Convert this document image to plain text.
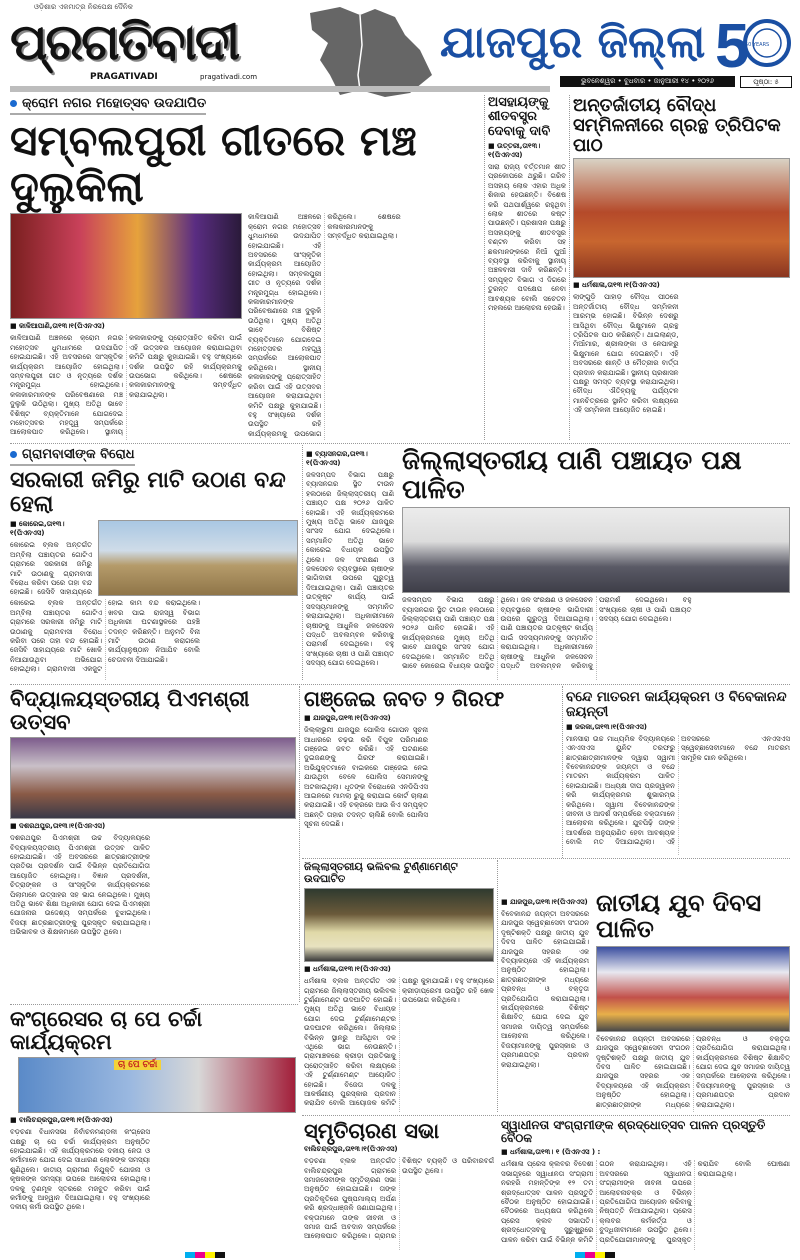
ଓଡ଼ିଶାର ଏକମାତ୍ର ନିରପେକ୍ଷ ଦୈନିକ
ପ୍ରଗତିବାଦୀ
PRAGATIVADI	pragativadi.com
ଯାଜପୁର ଜିଲ୍ଲା 5
50 YEARS
ଭୁବନେଶ୍ୱର • ବୁଧବାର • ଜାନୁଆରୀ ୧୪ • ୨୦୨୬	ପୃଷ୍ଠା: ୫
କ୍ରୋମ ନଗର ମହୋତ୍ସବ ଉଦଯାପିତ
ସମ୍ବଲପୁରୀ ଗୀତରେ ମଞ୍ଚ ଦୁଲୁକିଲା
■ କାଳିଆପାଣି,ତା୧୩।୧(ପିଏନଏସ)
କାଳିଆପାଣି ଅଞ୍ଚଳରେ କ୍ରୋମ ନଗର ମହୋତ୍ସବ ଧୁମଧାମରେ ଉଦଯାପିତ ହୋଇଯାଇଛି। ଏହି ଅବସରରେ ସାଂସ୍କୃତିକ କାର୍ଯ୍ୟକ୍ରମ ଆୟୋଜିତ ହୋଇଥିଲା। ସମ୍ବଲପୁରୀ ଗୀତ ଓ ନୃତ୍ୟରେ ଦର୍ଶକ ମନ୍ତ୍ରମୁଗ୍ଧ ହୋଇଥିଲେ। କଳାକାରମାନଙ୍କ ପରିବେଷଣାରେ ମଞ୍ଚ ଦୁଲୁକି ଉଠିଥିଲା। ମୁଖ୍ୟ ଅତିଥି ଭାବେ ବିଶିଷ୍ଟ ବ୍ୟକ୍ତିମାନେ ଯୋଗଦେଇ ମହୋତ୍ସବର ମହତ୍ତ୍ୱ ସମ୍ପର୍କରେ ଆଲୋକପାତ କରିଥିଲେ। ସ୍ଥାନୀୟ କଳାକାରଙ୍କୁ ପ୍ରୋତ୍ସାହିତ କରିବା ପାଇଁ ଏହି ଉତ୍ସବର ଆୟୋଜନ କରାଯାଇଥିବା କମିଟି ପକ୍ଷରୁ କୁହାଯାଇଛି। ବହୁ ସଂଖ୍ୟାରେ ଦର୍ଶକ ଉପସ୍ଥିତ ରହି କାର୍ଯ୍ୟକ୍ରମକୁ ଉପଭୋଗ କରିଥିଲେ। ଶେଷରେ କଳାକାରମାନଙ୍କୁ ସମ୍ବର୍ଦ୍ଧିତ କରାଯାଇଥିଲା।
କାଳିଆପାଣି ଅଞ୍ଚଳରେ କ୍ରୋମ ନଗର ମହୋତ୍ସବ ଧୁମଧାମରେ ଉଦଯାପିତ ହୋଇଯାଇଛି। ଏହି ଅବସରରେ ସାଂସ୍କୃତିକ କାର୍ଯ୍ୟକ୍ରମ ଆୟୋଜିତ ହୋଇଥିଲା। ସମ୍ବଲପୁରୀ ଗୀତ ଓ ନୃତ୍ୟରେ ଦର୍ଶକ ମନ୍ତ୍ରମୁଗ୍ଧ ହୋଇଥିଲେ। କଳାକାରମାନଙ୍କ ପରିବେଷଣାରେ ମଞ୍ଚ ଦୁଲୁକି ଉଠିଥିଲା। ମୁଖ୍ୟ ଅତିଥି ଭାବେ ବିଶିଷ୍ଟ ବ୍ୟକ୍ତିମାନେ ଯୋଗଦେଇ ମହୋତ୍ସବର ମହତ୍ତ୍ୱ ସମ୍ପର୍କରେ ଆଲୋକପାତ କରିଥିଲେ। ସ୍ଥାନୀୟ କଳାକାରଙ୍କୁ ପ୍ରୋତ୍ସାହିତ କରିବା ପାଇଁ ଏହି ଉତ୍ସବର ଆୟୋଜନ କରାଯାଇଥିବା କମିଟି ପକ୍ଷରୁ କୁହାଯାଇଛି। ବହୁ ସଂଖ୍ୟାରେ ଦର୍ଶକ ଉପସ୍ଥିତ ରହି କାର୍ଯ୍ୟକ୍ରମକୁ ଉପଭୋଗ କରିଥିଲେ। ଶେଷରେ କଳାକାରମାନଙ୍କୁ ସମ୍ବର୍ଦ୍ଧିତ କରାଯାଇଥିଲା।
ଅସହାୟଙ୍କୁ ଶୀତବସ୍ତ୍ର ଦେବାକୁ ଦାବି
■ ଉତ୍ତରୀ,ତା୧୩।୧(ପିଏନଏସ)
ସାରା ରାଜ୍ୟ ବର୍ତ୍ତମାନ ଶୀତ ପ୍ରକୋପରେ ଥରୁଛି। ଗରିବ ଅସହାୟ ଲୋକ ଏହାର ଅଧିକ ଶିକାର ହେଉଛନ୍ତି। ବିଶେଷ କରି ପଥପାର୍ଶ୍ୱରେ ରହୁଥିବା ଲୋକ ଶୀତରେ କଷ୍ଟ ପାଉଛନ୍ତି। ପ୍ରଶାସନ ପକ୍ଷରୁ ଅସହାୟଙ୍କୁ ଶୀତବସ୍ତ୍ର ବଣ୍ଟନ କରିବା ସହ ଛକମାନଙ୍କରେ ନିଆଁ ପୁଆଁ ବ୍ୟବସ୍ଥା କରିବାକୁ ସ୍ଥାନୀୟ ଅଞ୍ଚଳବାସୀ ଦାବି କରିଛନ୍ତି। ସମ୍ପୃକ୍ତ ବିଭାଗ ଏ ଦିଗରେ ତୁରନ୍ତ ପଦକ୍ଷେପ ନେବା ଆବଶ୍ୟକ ବୋଲି ସଚେତନ ମହଲରେ ଆଲୋଚନା ହେଉଛି।
ଅନ୍ତର୍ଜାତୀୟ ବୌଦ୍ଧ ସମ୍ମିଳନୀରେ ଗ୍ରନ୍ଥ ତ୍ରିପିଟକ ପାଠ
■ ଧର୍ମଶାଳା,ତା୧୩।୧(ପିଏନଏସ)
ଲାଙ୍ଗୁଡ଼ି ପାହାଡ଼ ବୌଦ୍ଧ ପୀଠରେ ଅନ୍ତର୍ଜାତୀୟ ବୌଦ୍ଧ ସମ୍ମିଳନୀ ଆରମ୍ଭ ହୋଇଛି। ବିଭିନ୍ନ ଦେଶରୁ ଆସିଥିବା ବୌଦ୍ଧ ଭିକ୍ଷୁମାନେ ଗ୍ରନ୍ଥ ତ୍ରିପିଟକ ପାଠ କରିଛନ୍ତି। ଥାଇଲାଣ୍ଡ, ମିଆଁମାର, ଶ୍ରୀଲଙ୍କା ଓ ନେପାଳରୁ ଭିକ୍ଷୁମାନେ ଯୋଗ ଦେଇଛନ୍ତି। ଏହି ଅବସରରେ ଶାନ୍ତି ଓ ମୈତ୍ରୀର ବାର୍ତ୍ତା ପ୍ରଦାନ କରାଯାଇଛି। ସ୍ଥାନୀୟ ପ୍ରଶାସନ ପକ୍ଷରୁ ସମସ୍ତ ବ୍ୟବସ୍ଥା କରାଯାଇଥିଲା। ବୌଦ୍ଧ ଐତିହ୍ୟକୁ ପର୍ଯ୍ୟଟନ ମାନଚିତ୍ରରେ ସ୍ଥାନିତ କରିବା ଲକ୍ଷ୍ୟରେ ଏହି ସମ୍ମିଳନୀ ଆୟୋଜିତ ହୋଇଛି।
ଗ୍ରାମବାସୀଙ୍କ ବିରୋଧ
ସରକାରୀ ଜମିରୁ ମାଟି ଉଠାଣ ବନ୍ଦ ହେଲା
■ କୋରେଇ,ତା୧୩।୧(ପିଏନଏସ)
କୋରେଇ ବ୍ଲକ ଅନ୍ତର୍ଗତ ଅମ୍ବିଲା ପଞ୍ଚାୟତର ଗୋଟିଏ ଗ୍ରାମରେ ସରକାରୀ ଜମିରୁ ମାଟି ଉଠାଣକୁ ଗ୍ରାମବାସୀ ବିରୋଧ କରିବା ପରେ ତାହା ବନ୍ଦ ହୋଇଛି। ଜେସିବି ସାହାଯ୍ୟରେ
କୋରେଇ ବ୍ଲକ ଅନ୍ତର୍ଗତ ଅମ୍ବିଲା ପଞ୍ଚାୟତର ଗୋଟିଏ ଗ୍ରାମରେ ସରକାରୀ ଜମିରୁ ମାଟି ଉଠାଣକୁ ଗ୍ରାମବାସୀ ବିରୋଧ କରିବା ପରେ ତାହା ବନ୍ଦ ହୋଇଛି। ଜେସିବି ସାହାଯ୍ୟରେ ମାଟି ଖୋଳି ନିଆଯାଉଥିବା ଅଭିଯୋଗ ହୋଇଥିଲା। ଗ୍ରାମବାସୀ ଏକଜୁଟ ହୋଇ କାମ ବନ୍ଦ କରାଇଥିଲେ। ଖବର ପାଇ ରାଜସ୍ୱ ବିଭାଗ ଅଧିକାରୀ ଘଟଣାସ୍ଥଳରେ ପହଞ୍ଚି ତଦନ୍ତ କରିଛନ୍ତି। ଅନୁମତି ବିନା ମାଟି ଉଠାଣ କରାଗଲେ କାର୍ଯ୍ୟାନୁଷ୍ଠାନ ନିଆଯିବ ବୋଲି ଚେତାବନୀ ଦିଆଯାଇଛି।
■ ବ୍ୟାସନଗର,ତା୧୩।୧(ପିଏନଏସ)
ଜଳସମ୍ପଦ ବିଭାଗ ପକ୍ଷରୁ ବ୍ୟାସନଗର ସ୍ଥିତ ଟାଉନ ହଲଠାରେ ଜିଲ୍ଲାସ୍ତରୀୟ ପାଣି ପଞ୍ଚାୟତ ପକ୍ଷ ୨୦୨୬ ପାଳିତ ହୋଇଛି। ଏହି କାର୍ଯ୍ୟକ୍ରମରେ ମୁଖ୍ୟ ଅତିଥି ଭାବେ ଯାଜପୁର ସାଂସଦ ଯୋଗ ଦେଇଥିଲେ। ସମ୍ମାନିତ ଅତିଥି ଭାବେ କୋରେଇ ବିଧାୟକ ଉପସ୍ଥିତ ଥିଲେ। ଜଳ ସଂରକ୍ଷଣ ଓ ଜଳସେଚନ ବ୍ୟବସ୍ଥାରେ ଚାଷୀଙ୍କ ଭାଗିଦାରୀ ଉପରେ ଗୁରୁତ୍ୱ ଦିଆଯାଇଥିଲା। ପାଣି ପଞ୍ଚାୟତର ଉତ୍କୃଷ୍ଟ କାର୍ଯ୍ୟ ପାଇଁ ସଦସ୍ୟମାନଙ୍କୁ ସମ୍ମାନିତ କରାଯାଇଥିଲା। ଅଧିକାରୀମାନେ ଚାଷୀଙ୍କୁ ଆଧୁନିକ ଜଳସେଚନ ପଦ୍ଧତି ଅବଲମ୍ବନ କରିବାକୁ ପରାମର୍ଶ ଦେଇଥିଲେ। ବହୁ ସଂଖ୍ୟାରେ ଚାଷୀ ଓ ପାଣି ପଞ୍ଚାୟତ ସଦସ୍ୟ ଯୋଗ ଦେଇଥିଲେ।
ଜିଲ୍ଲାସ୍ତରୀୟ ପାଣି ପଞ୍ଚାୟତ ପକ୍ଷ ପାଳିତ
ଜଳସମ୍ପଦ ବିଭାଗ ପକ୍ଷରୁ ବ୍ୟାସନଗର ସ୍ଥିତ ଟାଉନ ହଲଠାରେ ଜିଲ୍ଲାସ୍ତରୀୟ ପାଣି ପଞ୍ଚାୟତ ପକ୍ଷ ୨୦୨୬ ପାଳିତ ହୋଇଛି। ଏହି କାର୍ଯ୍ୟକ୍ରମରେ ମୁଖ୍ୟ ଅତିଥି ଭାବେ ଯାଜପୁର ସାଂସଦ ଯୋଗ ଦେଇଥିଲେ। ସମ୍ମାନିତ ଅତିଥି ଭାବେ କୋରେଇ ବିଧାୟକ ଉପସ୍ଥିତ ଥିଲେ। ଜଳ ସଂରକ୍ଷଣ ଓ ଜଳସେଚନ ବ୍ୟବସ୍ଥାରେ ଚାଷୀଙ୍କ ଭାଗିଦାରୀ ଉପରେ ଗୁରୁତ୍ୱ ଦିଆଯାଇଥିଲା। ପାଣି ପଞ୍ଚାୟତର ଉତ୍କୃଷ୍ଟ କାର୍ଯ୍ୟ ପାଇଁ ସଦସ୍ୟମାନଙ୍କୁ ସମ୍ମାନିତ କରାଯାଇଥିଲା। ଅଧିକାରୀମାନେ ଚାଷୀଙ୍କୁ ଆଧୁନିକ ଜଳସେଚନ ପଦ୍ଧତି ଅବଲମ୍ବନ କରିବାକୁ ପରାମର୍ଶ ଦେଇଥିଲେ। ବହୁ ସଂଖ୍ୟାରେ ଚାଷୀ ଓ ପାଣି ପଞ୍ଚାୟତ ସଦସ୍ୟ ଯୋଗ ଦେଇଥିଲେ।
ବିଦ୍ୟାଳୟସ୍ତରୀୟ ପିଏମଶ୍ରୀ ଉତ୍ସବ
■ ଦଶରଥପୁର,ତା୧୩।୧(ପିଏନଏସ)
ଦଶରଥପୁର ପିଏମଶ୍ରୀ ଉଚ୍ଚ ବିଦ୍ୟାଳୟରେ ବିଦ୍ୟାଳୟସ୍ତରୀୟ ପିଏମଶ୍ରୀ ଉତ୍ସବ ପାଳିତ ହୋଇଯାଇଛି। ଏହି ଅବସରରେ ଛାତ୍ରଛାତ୍ରୀଙ୍କ ପ୍ରତିଭା ପ୍ରଦର୍ଶନ ପାଇଁ ବିଭିନ୍ନ ପ୍ରତିଯୋଗିତା ଆୟୋଜିତ ହୋଇଥିଲା। ବିଜ୍ଞାନ ପ୍ରଦର୍ଶନୀ, ଚିତ୍ରାଙ୍କନ ଓ ସାଂସ୍କୃତିକ କାର୍ଯ୍ୟକ୍ରମରେ ପିଲାମାନେ ଉତ୍ସାହର ସହ ଭାଗ ନେଇଥିଲେ। ମୁଖ୍ୟ ଅତିଥି ଭାବେ ଶିକ୍ଷା ଅଧିକାରୀ ଯୋଗ ଦେଇ ପିଏମଶ୍ରୀ ଯୋଜନାର ଉଦ୍ଦେଶ୍ୟ ସମ୍ପର୍କରେ ବୁଝାଇଥିଲେ। ବିଜୟୀ ଛାତ୍ରଛାତ୍ରୀଙ୍କୁ ପୁରସ୍କୃତ କରାଯାଇଥିଲା। ଅଭିଭାବକ ଓ ଶିକ୍ଷକମାନେ ଉପସ୍ଥିତ ଥିଲେ।
ଗଞ୍ଜେଇ ଜବତ ୨ ଗିରଫ
■ ଯାଜପୁର,ତା୧୩।୧(ପିଏନଏସ)
ଜିଲ୍ଲାଭୁମୀ ଯାଜପୁର ପୋଲିସ ଗୋପନ ସୂଚନା ଆଧାରରେ ଚଢ଼ଉ କରି ବିପୁଳ ପରିମାଣର ଗଞ୍ଜେଇ ଜବତ କରିଛି। ଏହି ଘଟଣାରେ ଦୁଇଜଣଙ୍କୁ ଗିରଫ କରାଯାଇଛି। ଅଭିଯୁକ୍ତମାନେ ବାଇକରେ ଗଞ୍ଜେଇ ନେଇ ଯାଉଥିବା ବେଳେ ପୋଲିସ ସେମାନଙ୍କୁ ଅଟକାଇଥିଲା। ଧୃତଙ୍କ ବିରୋଧରେ ଏନଡିପିଏସ ଆଇନରେ ମାମଲା ରୁଜୁ କରାଯାଇ କୋର୍ଟ ଚାଲାଣ କରାଯାଇଛି। ଏହି ଚକ୍ରରେ ଆଉ କିଏ ସମ୍ପୃକ୍ତ ଅଛନ୍ତି ତାହାର ତଦନ୍ତ ଚାଲିଛି ବୋଲି ପୋଲିସ ସୂଚନା ଦେଇଛି।
ବନ୍ଦେ ମାତରମ କାର୍ଯ୍ୟକ୍ରମ ଓ ବିବେକାନନ୍ଦ ଜୟନ୍ତୀ
■ ଜରକା,ତା୧୩।୧(ପିଏନଏସ)
ମାନସାରା ଉଚ୍ଚ ମାଧ୍ୟମିକ ବିଦ୍ୟାଳୟରେ ଏନଏସଏସ ୟୁନିଟ ତରଫରୁ ଛାତ୍ରଛାତ୍ରୀମାନଙ୍କ ଦ୍ୱାରା ସ୍ୱାମୀ ବିବେକାନନ୍ଦଙ୍କ ଜୟନ୍ତୀ ଓ ବନ୍ଦେ ମାତରମ କାର୍ଯ୍ୟକ୍ରମ ପାଳିତ ହୋଇଯାଇଛି। ଅଧ୍ୟକ୍ଷ ଦୀପ ପ୍ରଜ୍ୱଳନ କରି କାର୍ଯ୍ୟକ୍ରମର ଶୁଭାରମ୍ଭ କରିଥିଲେ। ସ୍ୱାମୀ ବିବେକାନନ୍ଦଙ୍କ ଜୀବନୀ ଓ ଆଦର୍ଶ ସମ୍ପର୍କରେ ବକ୍ତାମାନେ ଆଲୋଚନା କରିଥିଲେ। ଯୁବପିଢ଼ି ତାଙ୍କ ଆଦର୍ଶରେ ଅନୁପ୍ରାଣିତ ହେବା ଆବଶ୍ୟକ ବୋଲି ମତ ଦିଆଯାଇଥିଲା। ଏହି ଅବସରରେ ଏନଏସଏସ ସ୍ୱେଚ୍ଛାସେବୀମାନେ ବନ୍ଦେ ମାତରମ ସାମୂହିକ ଗାନ କରିଥିଲେ।
ଜିଲ୍ଲାସ୍ତରୀୟ ଭଲିବଲ ଟୁର୍ଣ୍ଣାମେଣ୍ଟ ଉଦଘାଟିତ
■ ଧର୍ମଶାଳା,ତା୧୩।୧(ପିଏନଏସ)
ଧର୍ମଶାଳା ବ୍ଲକ ଅନ୍ତର୍ଗତ ଏକ ଗ୍ରାମରେ ଜିଲ୍ଲାସ୍ତରୀୟ ଭଲିବଲ ଟୁର୍ଣ୍ଣାମେଣ୍ଟ ଉଦଘାଟିତ ହୋଇଛି। ମୁଖ୍ୟ ଅତିଥି ଭାବେ ବିଧାୟକ ଯୋଗ ଦେଇ ଟୁର୍ଣ୍ଣାମେଣ୍ଟର ଉଦଘାଟନ କରିଥିଲେ। ଜିଲ୍ଲାର ବିଭିନ୍ନ ସ୍ଥାନରୁ ଆସିଥିବା ଦଳ ଏଥିରେ ଭାଗ ନେଉଛନ୍ତି। ଗ୍ରାମାଞ୍ଚଳରେ କ୍ରୀଡ଼ା ପ୍ରତିଭାକୁ ପ୍ରୋତ୍ସାହିତ କରିବା ଲକ୍ଷ୍ୟରେ ଏହି ଟୁର୍ଣ୍ଣାମେଣ୍ଟ ଆୟୋଜିତ ହୋଇଛି। ବିଜେତା ଦଳକୁ ଆକର୍ଷଣୀୟ ପୁରସ୍କାର ପ୍ରଦାନ କରାଯିବ ବୋଲି ଆୟୋଜକ କମିଟି ପକ୍ଷରୁ କୁହାଯାଇଛି। ବହୁ ସଂଖ୍ୟାରେ କ୍ରୀଡ଼ାପ୍ରେମୀ ଉପସ୍ଥିତ ରହି ଖେଳ ଉପଭୋଗ କରିଥିଲେ।
■ ଯାଜପୁର,ତା୧୩।୧(ପିଏନଏସ)
ବିବେକାନନ୍ଦ ଜୟନ୍ତୀ ଅବସରରେ ଯାଜପୁର ସ୍ୱେଚ୍ଛାସେବୀ ସଂଗଠନ ଦୃଷ୍ଟିଶକ୍ତି ପକ୍ଷରୁ ଜାତୀୟ ଯୁବ ଦିବସ ପାଳିତ ହୋଇଯାଇଛି। ଯାଜପୁର ସହରର ଏକ ବିଦ୍ୟାଳୟରେ ଏହି କାର୍ଯ୍ୟକ୍ରମ ଅନୁଷ୍ଠିତ ହୋଇଥିଲା। ଛାତ୍ରଛାତ୍ରୀଙ୍କ ମଧ୍ୟରେ ପ୍ରବନ୍ଧ ଓ ବକ୍ତୃତା ପ୍ରତିଯୋଗିତା କରାଯାଇଥିଲା। କାର୍ଯ୍ୟକ୍ରମରେ ବିଶିଷ୍ଟ ଶିକ୍ଷାବିତ୍ ଯୋଗ ଦେଇ ଯୁବ ସମାଜର ଦାୟିତ୍ୱ ସମ୍ପର୍କରେ ଆଲୋଚନା କରିଥିଲେ। ବିଜୟୀମାନଙ୍କୁ ପୁରସ୍କାର ଓ ପ୍ରମାଣପତ୍ର ପ୍ରଦାନ କରାଯାଇଥିଲା।
ଜାତୀୟ ଯୁବ ଦିବସ ପାଳିତ
ବିବେକାନନ୍ଦ ଜୟନ୍ତୀ ଅବସରରେ ଯାଜପୁର ସ୍ୱେଚ୍ଛାସେବୀ ସଂଗଠନ ଦୃଷ୍ଟିଶକ୍ତି ପକ୍ଷରୁ ଜାତୀୟ ଯୁବ ଦିବସ ପାଳିତ ହୋଇଯାଇଛି। ଯାଜପୁର ସହରର ଏକ ବିଦ୍ୟାଳୟରେ ଏହି କାର୍ଯ୍ୟକ୍ରମ ଅନୁଷ୍ଠିତ ହୋଇଥିଲା। ଛାତ୍ରଛାତ୍ରୀଙ୍କ ମଧ୍ୟରେ ପ୍ରବନ୍ଧ ଓ ବକ୍ତୃତା ପ୍ରତିଯୋଗିତା କରାଯାଇଥିଲା। କାର୍ଯ୍ୟକ୍ରମରେ ବିଶିଷ୍ଟ ଶିକ୍ଷାବିତ୍ ଯୋଗ ଦେଇ ଯୁବ ସମାଜର ଦାୟିତ୍ୱ ସମ୍ପର୍କରେ ଆଲୋଚନା କରିଥିଲେ। ବିଜୟୀମାନଙ୍କୁ ପୁରସ୍କାର ଓ ପ୍ରମାଣପତ୍ର ପ୍ରଦାନ କରାଯାଇଥିଲା।
କଂଗ୍ରେସର ଚା ପେ ଚର୍ଚ୍ଚା କାର୍ଯ୍ୟକ୍ରମ
ଚା ପେ ଚର୍ଚ୍ଚା
■ ବାଲିଚନ୍ଦ୍ରପୁର,ତା୧୩।୧(ପିଏନଏସ)
ବଡ଼ଚଣା ବିଧାନସଭା ନିର୍ବାଚନମଣ୍ଡଳୀ କଂଗ୍ରେସ ପକ୍ଷରୁ ଚା ପେ ଚର୍ଚ୍ଚା କାର୍ଯ୍ୟକ୍ରମ ଅନୁଷ୍ଠିତ ହୋଇଯାଇଛି। ଏହି କାର୍ଯ୍ୟକ୍ରମରେ ଦଳୀୟ ନେତା ଓ କର୍ମୀମାନେ ଯୋଗ ଦେଇ ସାଧାରଣ ଲୋକଙ୍କ ସମସ୍ୟା ଶୁଣିଥିଲେ। ଜାତୀୟ ଗ୍ରାମୀଣ ନିଯୁକ୍ତି ଯୋଜନା ଓ କୃଷକଙ୍କ ସମସ୍ୟା ଉପରେ ଆଲୋଚନା ହୋଇଥିଲା। ଦଳକୁ ତୃଣମୂଳ ସ୍ତରରେ ମଜବୁତ କରିବା ପାଇଁ କର୍ମୀଙ୍କୁ ଆହ୍ୱାନ ଦିଆଯାଇଥିଲା। ବହୁ ସଂଖ୍ୟାରେ ଦଳୀୟ କର୍ମୀ ଉପସ୍ଥିତ ଥିଲେ।
ସ୍ମୃତିଚାରଣ ସଭା
ବାଲିଚନ୍ଦ୍ରପୁର,ତା୧୩।୧(ପିଏନଏସ)
ବଡ଼ଚଣା ବ୍ଲକ ଅନ୍ତର୍ଗତ ବାଲିଚନ୍ଦ୍ରପୁର ଗ୍ରାମରେ ସମାଜସେବୀଙ୍କ ସ୍ମୃତିଚାରଣ ସଭା ଅନୁଷ୍ଠିତ ହୋଇଯାଇଛି। ତାଙ୍କ ପ୍ରତିକୃତିରେ ପୁଷ୍ପମାଲ୍ୟ ଅର୍ପଣ କରି ଶ୍ରଦ୍ଧାଞ୍ଜଳି ଜଣାଯାଇଥିଲା। ବକ୍ତାମାନେ ତାଙ୍କ ଜୀବନୀ ଓ ସମାଜ ପାଇଁ ଅବଦାନ ସମ୍ପର୍କରେ ଆଲୋକପାତ କରିଥିଲେ। ଗ୍ରାମର ବିଶିଷ୍ଟ ବ୍ୟକ୍ତି ଓ ପରିବାରବର୍ଗ ଉପସ୍ଥିତ ଥିଲେ।
ସ୍ୱାଧୀନତା ସଂଗ୍ରାମୀଙ୍କ ଶ୍ରଦ୍ଧୋତ୍ସବ ପାଳନ ପ୍ରସ୍ତୁତି ବୈଠକ
■ ଧର୍ମଶାଳା,ତା୧୩। ୧ (ପିଏନଏସ ) :
ଧର୍ମଶାଳା ପ୍ରେସ କ୍ଲବର ବିଦେଶୀ ସଭାଗୃହରେ ସ୍ୱାଧୀନତା ସଂଗ୍ରାମୀ ନରହରି ମହାନ୍ତିଙ୍କ ୧୨ ତମ ଶ୍ରଦ୍ଧୋତ୍ସବ ପାଳନ ପ୍ରସ୍ତୁତି ବୈଠକ ଅନୁଷ୍ଠିତ ହୋଇଯାଇଛି। ବୈଠକରେ ଅଧ୍ୟକ୍ଷତା କରିଥିଲେ ପ୍ରେସ କ୍ଲବ ସଭାପତି। ଶ୍ରଦ୍ଧୋତ୍ସବକୁ ସୁରୁଖୁରୁରେ ପାଳନ କରିବା ପାଇଁ ବିଭିନ୍ନ କମିଟି ଗଠନ କରାଯାଇଥିଲା। ଏହି ଅବସରରେ ସ୍ୱାଧୀନତା ସଂଗ୍ରାମୀଙ୍କ ଜୀବନୀ ଉପରେ ଆଲୋଚନାଚକ୍ର ଓ ବିଭିନ୍ନ ପ୍ରତିଯୋଗିତା ଆୟୋଜନ କରିବାକୁ ନିଷ୍ପତ୍ତି ନିଆଯାଇଥିଲା। ପ୍ରେସ କ୍ଲବର କର୍ମକର୍ତ୍ତା ଓ ବୁଦ୍ଧିଜୀବୀମାନେ ଉପସ୍ଥିତ ଥିଲେ। ପ୍ରତିଯୋଗୀମାନଙ୍କୁ ପୁରସ୍କୃତ କରାଯିବ ବୋଲି ଘୋଷଣା କରାଯାଇଥିଲା।
